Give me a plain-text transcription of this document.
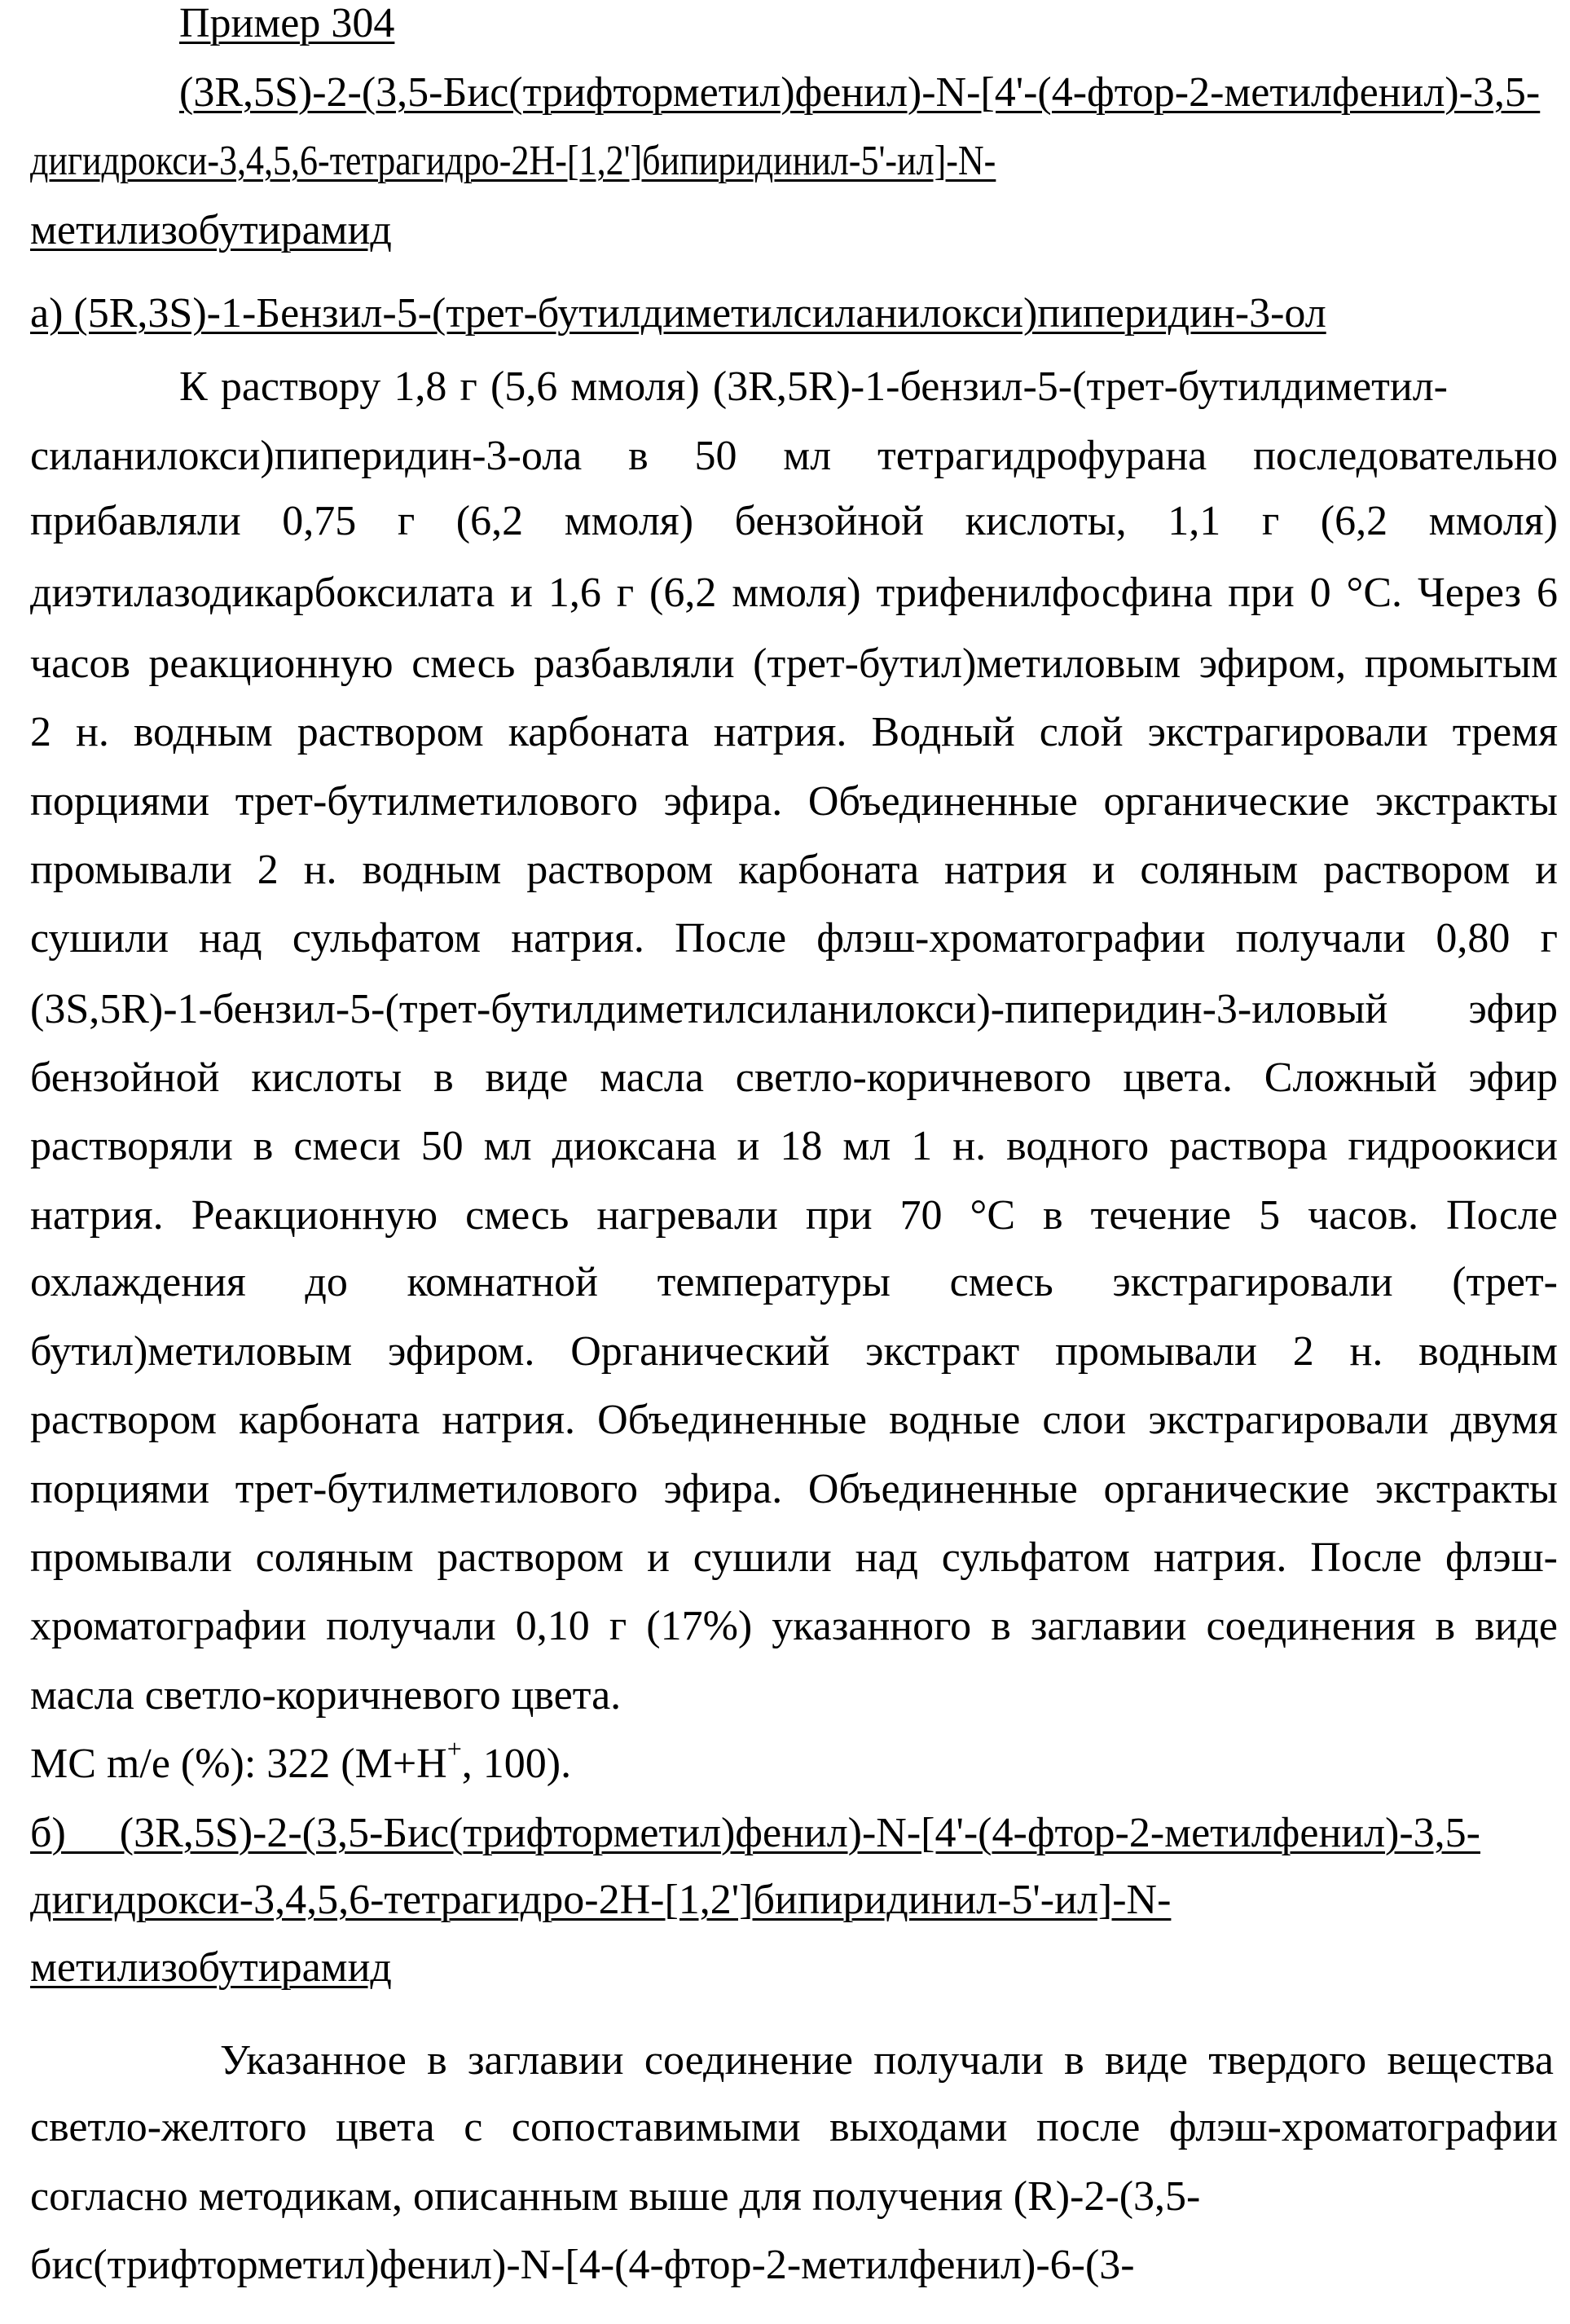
Пример 304
(3R,5S)-2-(3,5-Бис(трифторметил)фенил)-N-[4'-(4-фтор-2-метилфенил)-3,5-
дигидрокси-3,4,5,6-тетрагидро-2H-[1,2']бипиридинил-5'-ил]-N-
метилизобутирамид
а) (5R,3S)-1-Бензил-5-(трет-бутилдиметилсиланилокси)пиперидин-3-ол
К раствору 1,8 г (5,6 ммоля) (3R,5R)-1-бензил-5-(трет-бутилдиметил-
силанилокси)пиперидин-3-ола в 50 мл тетрагидрофурана последовательно
прибавляли 0,75 г (6,2 ммоля) бензойной кислоты, 1,1 г (6,2 ммоля)
диэтилазодикарбоксилата и 1,6 г (6,2 ммоля) трифенилфосфина при 0 °С. Через 6
часов реакционную смесь разбавляли (трет-бутил)метиловым эфиром, промытым
2 н. водным раствором карбоната натрия. Водный слой экстрагировали тремя
порциями трет-бутилметилового эфира. Объединенные органические экстракты
промывали 2 н. водным раствором карбоната натрия и соляным раствором и
сушили над сульфатом натрия. После флэш-хроматографии получали 0,80 г
(3S,5R)-1-бензил-5-(трет-бутилдиметилсиланилокси)-пиперидин-3-иловый эфир
бензойной кислоты в виде масла светло-коричневого цвета. Сложный эфир
растворяли в смеси 50 мл диоксана и 18 мл 1 н. водного раствора гидроокиси
натрия. Реакционную смесь нагревали при 70 °С в течение 5 часов. После
охлаждения до комнатной температуры смесь экстрагировали (трет-
бутил)метиловым эфиром. Органический экстракт промывали 2 н. водным
раствором карбоната натрия. Объединенные водные слои экстрагировали двумя
порциями трет-бутилметилового эфира. Объединенные органические экстракты
промывали соляным раствором и сушили над сульфатом натрия. После флэш-
хроматографии получали 0,10 г (17%) указанного в заглавии соединения в виде
масла светло-коричневого цвета.
МС m/e (%): 322 (M+H+, 100).
б) (3R,5S)-2-(3,5-Бис(трифторметил)фенил)-N-[4'-(4-фтор-2-метилфенил)-3,5-
дигидрокси-3,4,5,6-тетрагидро-2H-[1,2']бипиридинил-5'-ил]-N-
метилизобутирамид
Указанное в заглавии соединение получали в виде твердого вещества
светло-желтого цвета с сопоставимыми выходами после флэш-хроматографии
согласно методикам, описанным выше для получения (R)-2-(3,5-
бис(трифторметил)фенил)-N-[4-(4-фтор-2-метилфенил)-6-(3-
